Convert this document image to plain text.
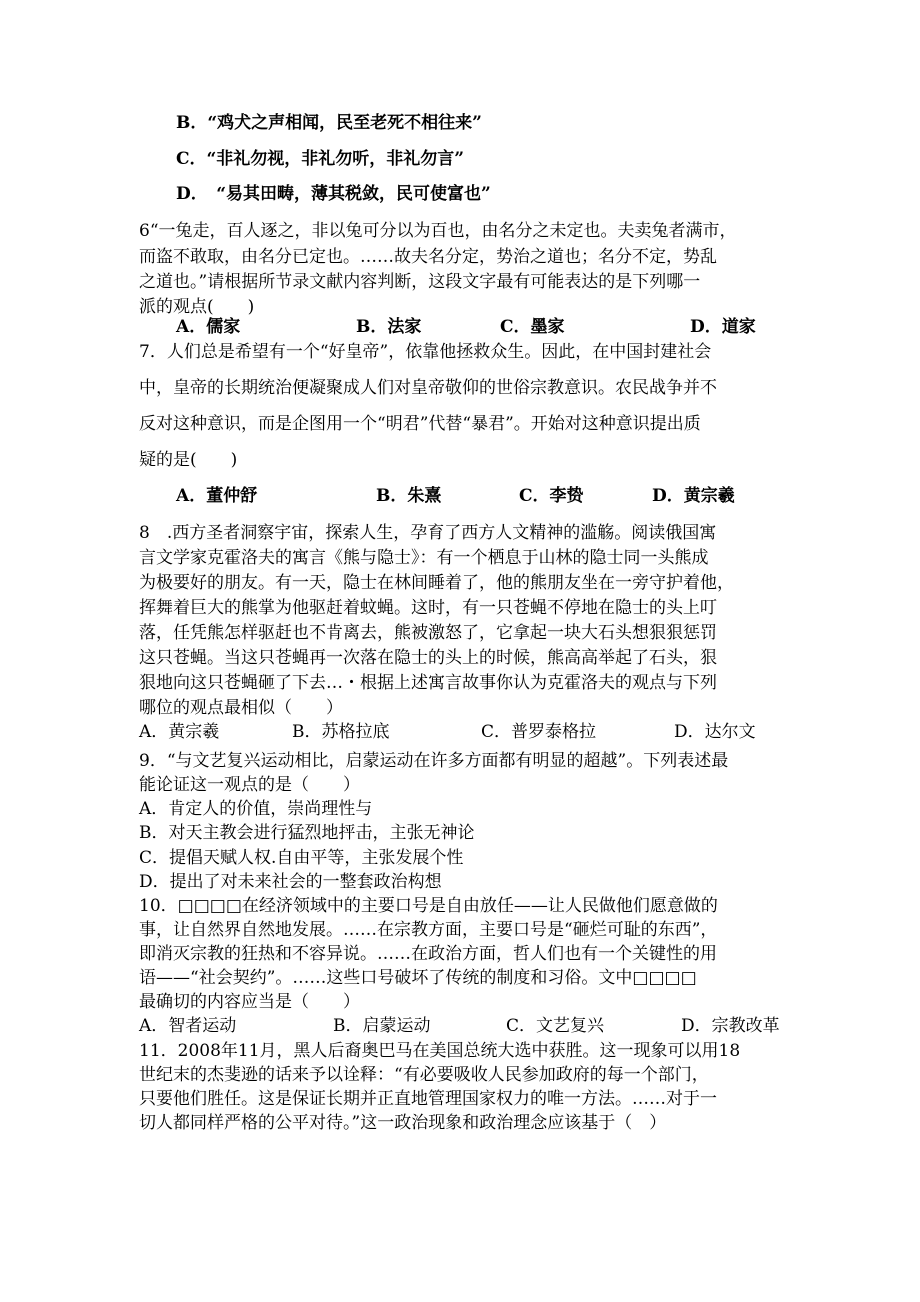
B．“鸡犬之声相闻，民至老死不相往来”
C．“非礼勿视，非礼勿听，非礼勿言”
D．　“易其田畴，薄其税敛，民可使富也”
6“一兔走，百人逐之，非以兔可分以为百也，由名分之未定也。夫卖兔者满市，
而盗不敢取，由名分已定也。……故夫名分定，势治之道也；名分不定，势乱
之道也。”请根据所节录文献内容判断，这段文字最有可能表达的是下列哪一
派的观点(　　)
A．儒家	B．法家	C．墨家	D．道家
7．人们总是希望有一个“好皇帝”，依靠他拯救众生。因此，在中国封建社会
中，皇帝的长期统治便凝聚成人们对皇帝敬仰的世俗宗教意识。农民战争并不
反对这种意识，而是企图用一个“明君”代替“暴君”。开始对这种意识提出质
疑的是(　　)
A．董仲舒	B．朱熹	C．李贽	D．黄宗羲
8　.西方圣者洞察宇宙，探索人生，孕育了西方人文精神的滥觞。阅读俄国寓
言文学家克霍洛夫的寓言《熊与隐士》：有一个栖息于山林的隐士同一头熊成
为极要好的朋友。有一天，隐士在林间睡着了，他的熊朋友坐在一旁守护着他，
挥舞着巨大的熊掌为他驱赶着蚊蝇。这时，有一只苍蝇不停地在隐士的头上叮
落，任凭熊怎样驱赶也不肯离去，熊被激怒了，它拿起一块大石头想狠狠惩罚
这只苍蝇。当这只苍蝇再一次落在隐士的头上的时候，熊高高举起了石头，狠
狠地向这只苍蝇砸了下去…・根据上述寓言故事你认为克霍洛夫的观点与下列
哪位的观点最相似（　　）
A．黄宗羲	B．苏格拉底	C．普罗泰格拉	D．达尔文
9．“与文艺复兴运动相比，启蒙运动在许多方面都有明显的超越”。下列表述最
能论证这一观点的是（　　）
A．肯定人的价值，崇尚理性与
B．对天主教会进行猛烈地抨击，主张无神论
C．提倡天赋人权.自由平等，主张发展个性
D．提出了对未来社会的一整套政治构想
10．□□□□在经济领域中的主要口号是自由放任——让人民做他们愿意做的
事，让自然界自然地发展。……在宗教方面，主要口号是“砸烂可耻的东西”，
即消灭宗教的狂热和不容异说。……在政治方面，哲人们也有一个关键性的用
语——“社会契约”。……这些口号破坏了传统的制度和习俗。文中□□□□
最确切的内容应当是（　　）
A．智者运动	B．启蒙运动	C．文艺复兴	D．宗教改革
11．2008年11月，黑人后裔奥巴马在美国总统大选中获胜。这一现象可以用18
世纪末的杰斐逊的话来予以诠释：“有必要吸收人民参加政府的每一个部门，
只要他们胜任。这是保证长期并正直地管理国家权力的唯一方法。……对于一
切人都同样严格的公平对待。”这一政治现象和政治理念应该基于（　）
